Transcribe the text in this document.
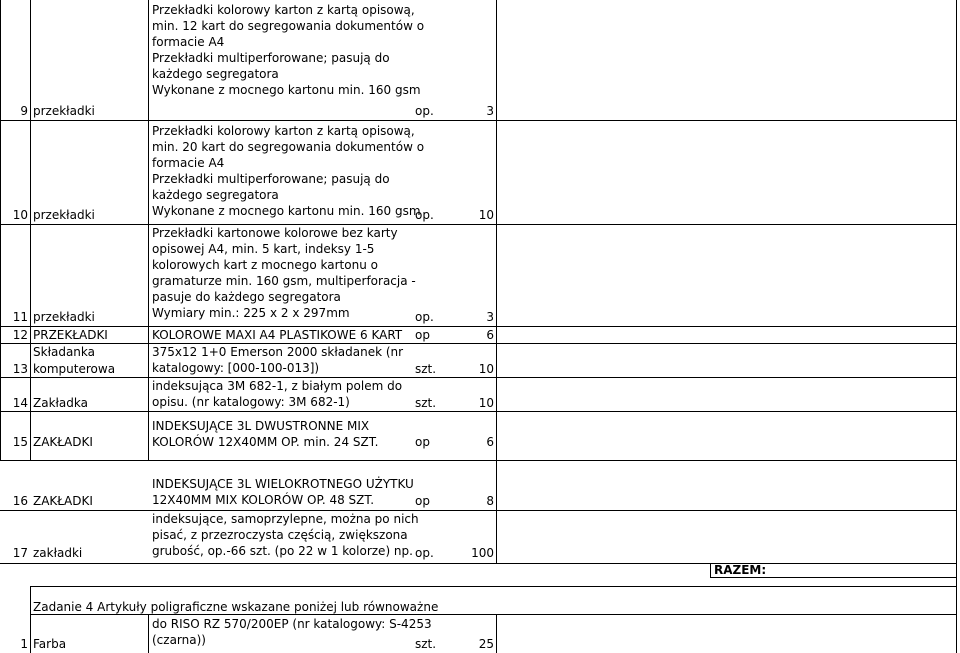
9 przekładki
Przekładki kolorowy karton z kartą opisową,
min. 12 kart do segregowania dokumentów o
formacie A4
Przekładki multiperforowane; pasują do
każdego segregatora
Wykonane z mocnego kartonu min. 160 gsm
op.	3
10 przekładki
Przekładki kolorowy karton z kartą opisową,
min. 20 kart do segregowania dokumentów o
formacie A4
Przekładki multiperforowane; pasują do
każdego segregatora
Wykonane z mocnego kartonu min. 160 gsm
op.	10
11 przekładki
Przekładki kartonowe kolorowe bez karty
opisowej A4, min. 5 kart, indeksy 1-5
kolorowych kart z mocnego kartonu o
gramaturze min. 160 gsm, multiperforacja -
pasuje do każdego segregatora
Wymiary min.: 225 x 2 x 297mm	op.	3
12 PRZEKŁADKI	KOLOROWE MAXI A4 PLASTIKOWE 6 KART op	6
13
Składanka
komputerowa
375x12 1+0 Emerson 2000 składanek (nr
katalogowy: [000-100-013])	szt.	10
14 Zakładka
indeksująca 3M 682-1, z białym polem do
opisu. (nr katalogowy: 3M 682-1)	szt.	10
15 ZAKŁADKI
INDEKSUJĄCE 3L DWUSTRONNE MIX
KOLORÓW 12X40MM OP. min. 24 SZT.	op	6
16 ZAKŁADKI
INDEKSUJĄCE 3L WIELOKROTNEGO UŻYTKU
12X40MM MIX KOLORÓW OP. 48 SZT.	op	8
17 zakładki
indeksujące, samoprzylepne, można po nich
pisać, z przezroczysta częścią, zwiększona
grubość, op.-66 szt. (po 22 w 1 kolorze) np. op.	100
RAZEM:
Zadanie 4 Artykuły poligraficzne wskazane poniżej lub równoważne
1 Farba
do RISO RZ 570/200EP (nr katalogowy: S-4253
(czarna))	szt.	25
